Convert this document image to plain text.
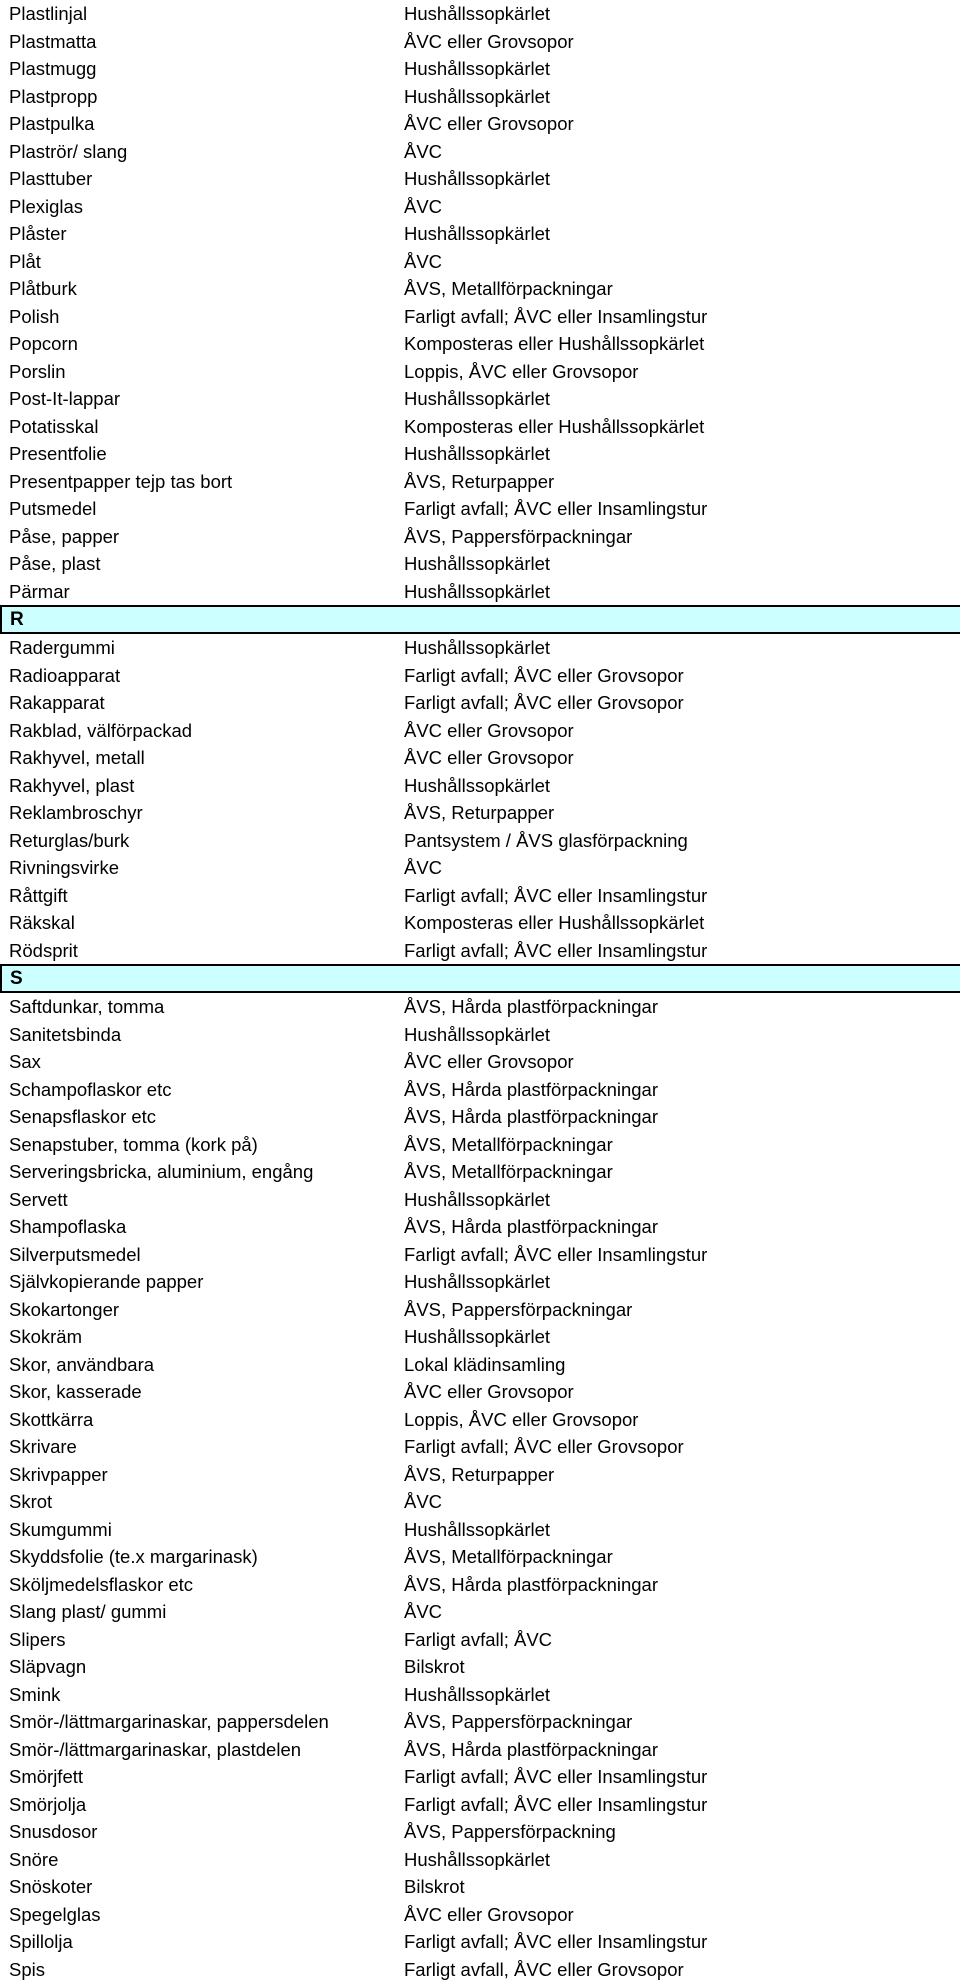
Plastlinjal	Hushållssopkärlet
Plastmatta	ÅVC eller Grovsopor
Plastmugg	Hushållssopkärlet
Plastpropp	Hushållssopkärlet
Plastpulka	ÅVC eller Grovsopor
Plaströr/ slang	ÅVC
Plasttuber	Hushållssopkärlet
Plexiglas	ÅVC
Plåster	Hushållssopkärlet
Plåt	ÅVC
Plåtburk	ÅVS, Metallförpackningar
Polish	Farligt avfall; ÅVC eller Insamlingstur
Popcorn	Komposteras eller Hushållssopkärlet
Porslin	Loppis, ÅVC eller Grovsopor
Post-It-lappar	Hushållssopkärlet
Potatisskal	Komposteras eller Hushållssopkärlet
Presentfolie	Hushållssopkärlet
Presentpapper tejp tas bort	ÅVS, Returpapper
Putsmedel	Farligt avfall; ÅVC eller Insamlingstur
Påse, papper	ÅVS, Pappersförpackningar
Påse, plast	Hushållssopkärlet
Pärmar	Hushållssopkärlet
R
Radergummi	Hushållssopkärlet
Radioapparat	Farligt avfall; ÅVC eller Grovsopor
Rakapparat	Farligt avfall; ÅVC eller Grovsopor
Rakblad, välförpackad	ÅVC eller Grovsopor
Rakhyvel, metall	ÅVC eller Grovsopor
Rakhyvel, plast	Hushållssopkärlet
Reklambroschyr	ÅVS, Returpapper
Returglas/burk	Pantsystem / ÅVS glasförpackning
Rivningsvirke	ÅVC
Råttgift	Farligt avfall; ÅVC eller Insamlingstur
Räkskal	Komposteras eller Hushållssopkärlet
Rödsprit	Farligt avfall; ÅVC eller Insamlingstur
S
Saftdunkar, tomma	ÅVS, Hårda plastförpackningar
Sanitetsbinda	Hushållssopkärlet
Sax	ÅVC eller Grovsopor
Schampoflaskor etc	ÅVS, Hårda plastförpackningar
Senapsflaskor etc	ÅVS, Hårda plastförpackningar
Senapstuber, tomma (kork på)	ÅVS, Metallförpackningar
Serveringsbricka, aluminium, engång	ÅVS, Metallförpackningar
Servett	Hushållssopkärlet
Shampoflaska	ÅVS, Hårda plastförpackningar
Silverputsmedel	Farligt avfall; ÅVC eller Insamlingstur
Självkopierande papper	Hushållssopkärlet
Skokartonger	ÅVS, Pappersförpackningar
Skokräm	Hushållssopkärlet
Skor, användbara	Lokal klädinsamling
Skor, kasserade	ÅVC eller Grovsopor
Skottkärra	Loppis, ÅVC eller Grovsopor
Skrivare	Farligt avfall; ÅVC eller Grovsopor
Skrivpapper	ÅVS, Returpapper
Skrot	ÅVC
Skumgummi	Hushållssopkärlet
Skyddsfolie (te.x margarinask)	ÅVS, Metallförpackningar
Sköljmedelsflaskor etc	ÅVS, Hårda plastförpackningar
Slang plast/ gummi	ÅVC
Slipers	Farligt avfall; ÅVC
Släpvagn	Bilskrot
Smink	Hushållssopkärlet
Smör-/lättmargarinaskar, pappersdelen	ÅVS, Pappersförpackningar
Smör-/lättmargarinaskar, plastdelen	ÅVS, Hårda plastförpackningar
Smörjfett	Farligt avfall; ÅVC eller Insamlingstur
Smörjolja	Farligt avfall; ÅVC eller Insamlingstur
Snusdosor	ÅVS, Pappersförpackning
Snöre	Hushållssopkärlet
Snöskoter	Bilskrot
Spegelglas	ÅVC eller Grovsopor
Spillolja	Farligt avfall; ÅVC eller Insamlingstur
Spis	Farligt avfall, ÅVC eller Grovsopor
